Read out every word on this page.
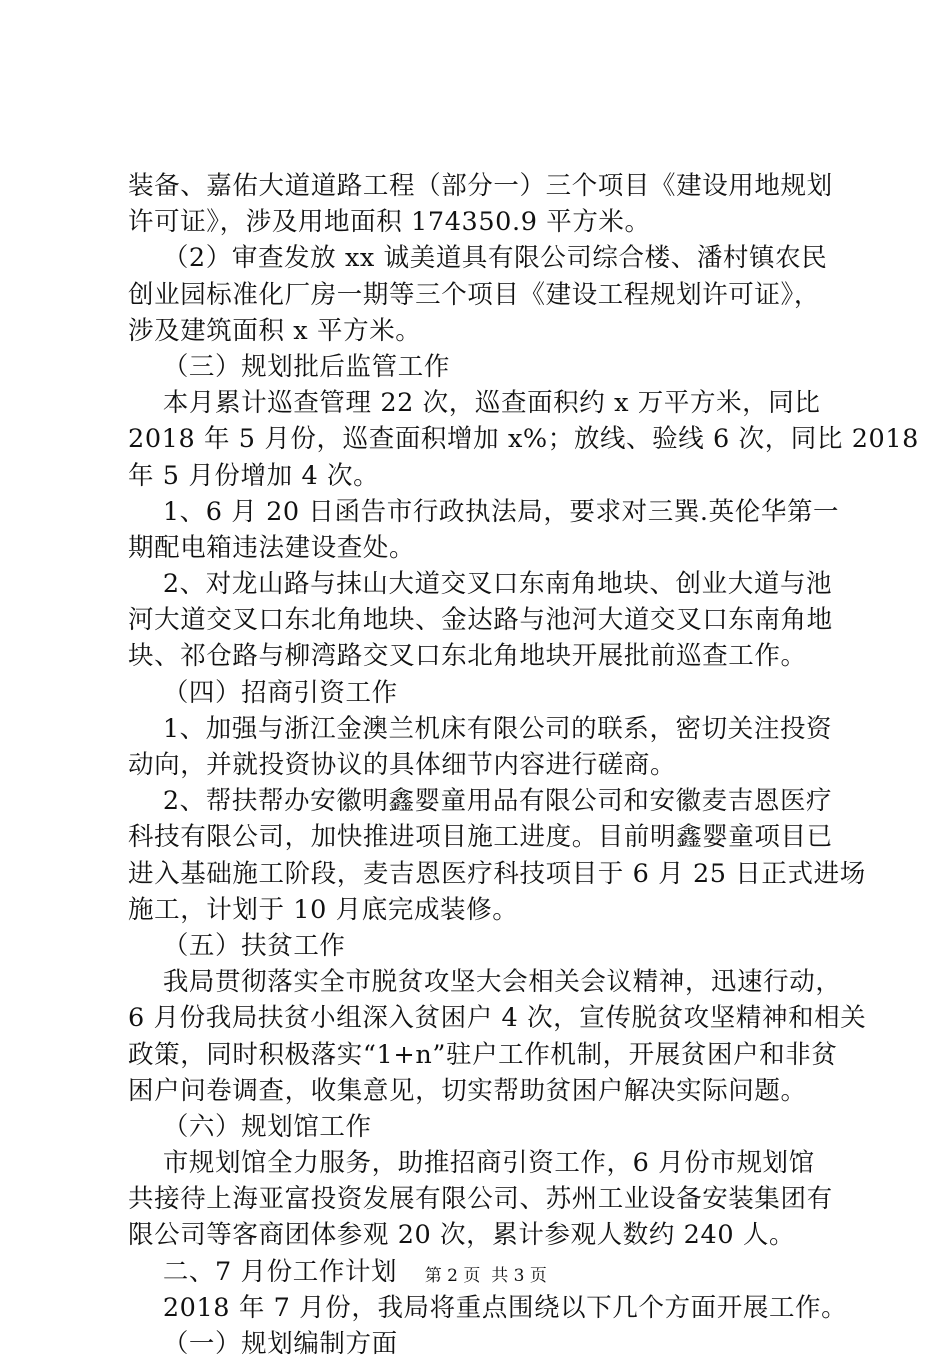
装备、嘉佑大道道路工程（部分一）三个项目《建设用地规划
许可证》，涉及用地面积 174350.9 平方米。
（2）审查发放 xx 诚美道具有限公司综合楼、潘村镇农民
创业园标准化厂房一期等三个项目《建设工程规划许可证》，
涉及建筑面积 x 平方米。
（三）规划批后监管工作
本月累计巡查管理 22 次，巡查面积约 x 万平方米，同比
2018 年 5 月份，巡查面积增加 x%；放线、验线 6 次，同比 2018
年 5 月份增加 4 次。
1、6 月 20 日函告市行政执法局，要求对三巽.英伦华第一
期配电箱违法建设查处。
2、对龙山路与抹山大道交叉口东南角地块、创业大道与池
河大道交叉口东北角地块、金达路与池河大道交叉口东南角地
块、祁仓路与柳湾路交叉口东北角地块开展批前巡查工作。
（四）招商引资工作
1、加强与浙江金澳兰机床有限公司的联系，密切关注投资
动向，并就投资协议的具体细节内容进行磋商。
2、帮扶帮办安徽明鑫婴童用品有限公司和安徽麦吉恩医疗
科技有限公司，加快推进项目施工进度。目前明鑫婴童项目已
进入基础施工阶段，麦吉恩医疗科技项目于 6 月 25 日正式进场
施工，计划于 10 月底完成装修。
（五）扶贫工作
我局贯彻落实全市脱贫攻坚大会相关会议精神，迅速行动，
6 月份我局扶贫小组深入贫困户 4 次，宣传脱贫攻坚精神和相关
政策，同时积极落实“1+n”驻户工作机制，开展贫困户和非贫
困户问卷调查，收集意见，切实帮助贫困户解决实际问题。
（六）规划馆工作
市规划馆全力服务，助推招商引资工作，6 月份市规划馆
共接待上海亚富投资发展有限公司、苏州工业设备安装集团有
限公司等客商团体参观 20 次，累计参观人数约 240 人。
二、7 月份工作计划
2018 年 7 月份，我局将重点围绕以下几个方面开展工作。
（一）规划编制方面

第 2 页  共 3 页
